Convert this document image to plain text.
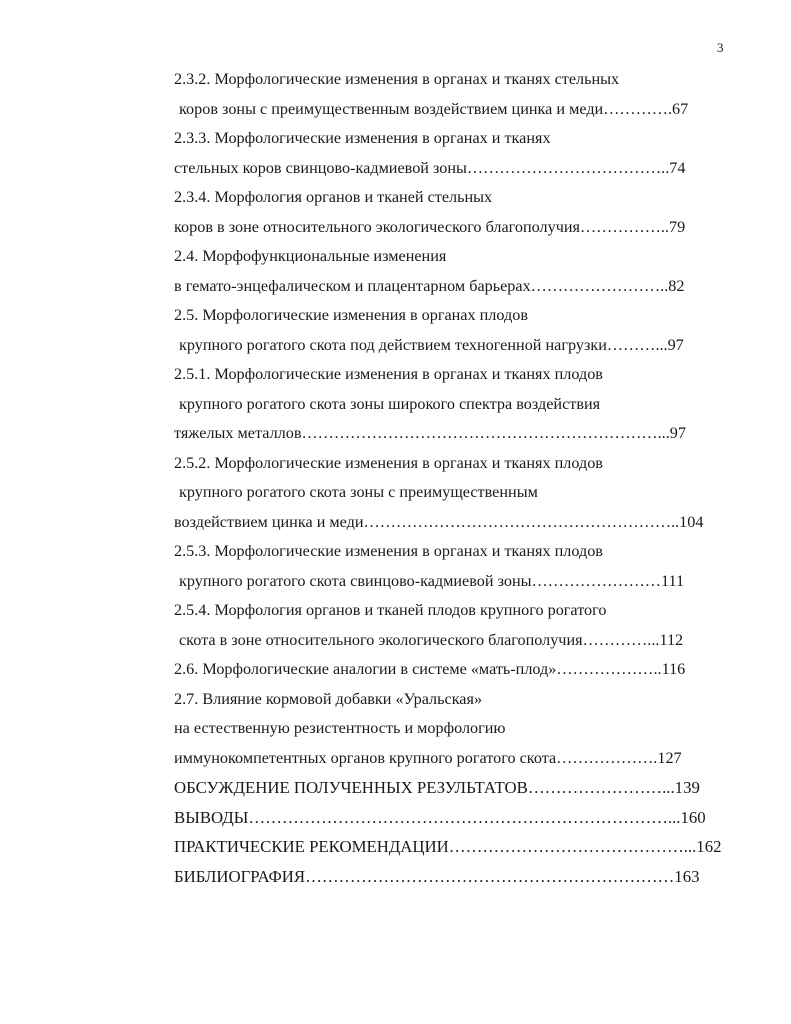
3
2.3.2. Морфологические изменения в органах и тканях стельных
коров зоны с преимущественным воздействием цинка и меди………….67
2.3.3. Морфологические изменения в органах и тканях
стельных коров свинцово-кадмиевой зоны………………………………..74
2.3.4. Морфология органов и тканей стельных
коров в зоне относительного экологического благополучия……………..79
2.4. Морфофункциональные изменения
в гемато-энцефалическом и плацентарном барьерах……………………..82
2.5. Морфологические изменения в органах плодов
крупного рогатого скота под действием техногенной нагрузки………...97
2.5.1. Морфологические изменения в органах и тканях плодов
крупного рогатого скота зоны широкого спектра воздействия
тяжелых металлов…………………………………………………………...97
2.5.2. Морфологические изменения в органах и тканях плодов
крупного рогатого скота зоны с преимущественным
воздействием цинка и меди…………………………………………………..104
2.5.3. Морфологические изменения в органах и тканях плодов
крупного рогатого скота свинцово-кадмиевой зоны……………………111
2.5.4. Морфология органов и тканей плодов крупного рогатого
скота в зоне относительного экологического благополучия…………...112
2.6. Морфологические аналогии в системе «мать-плод»………………..116
2.7. Влияние кормовой добавки «Уральская»
на естественную резистентность и морфологию
иммунокомпетентных органов крупного рогатого скота……………….127
ОБСУЖДЕНИЕ ПОЛУЧЕННЫХ РЕЗУЛЬТАТОВ……………………...139
ВЫВОДЫ…………………………………………………………………...160
ПРАКТИЧЕСКИЕ РЕКОМЕНДАЦИИ……………………………………...162
БИБЛИОГРАФИЯ…………………………………………………………163
